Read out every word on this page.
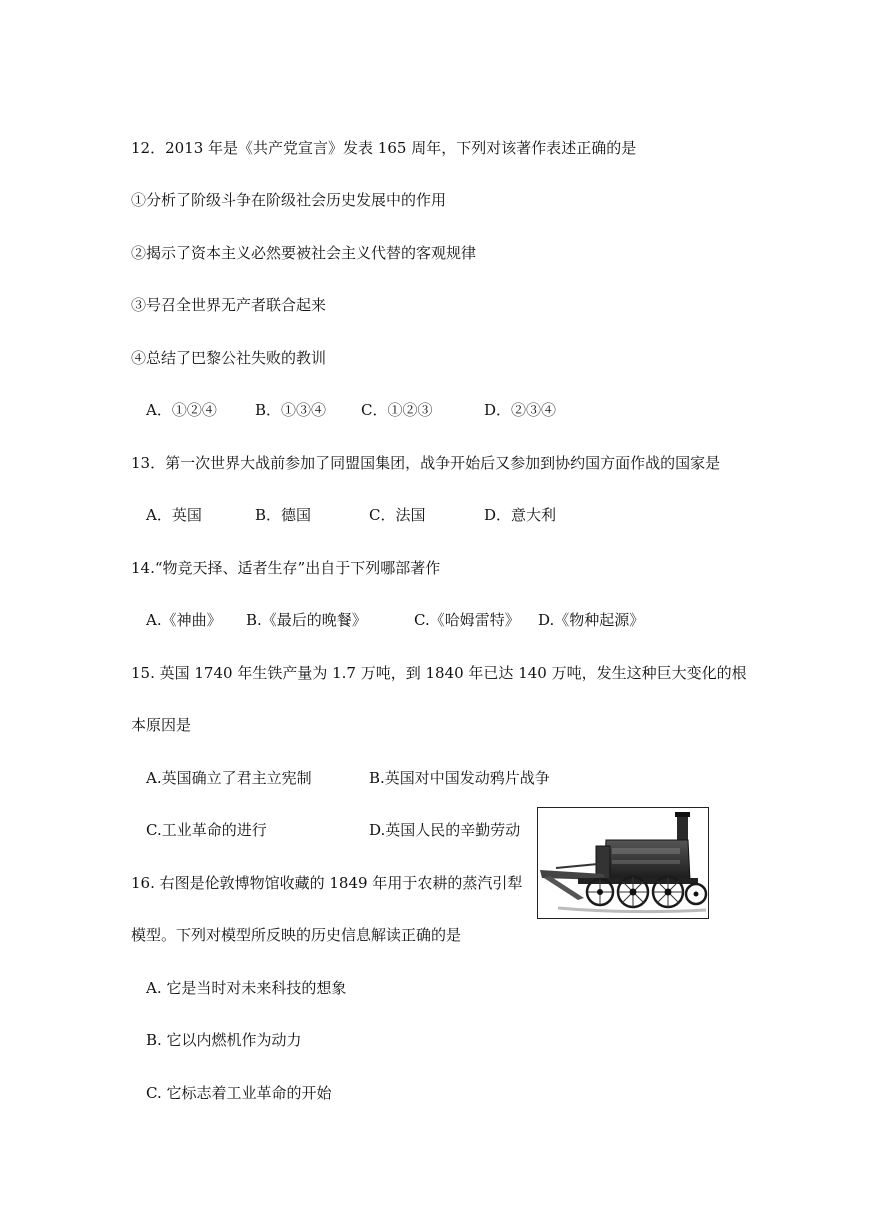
12．2013 年是《共产党宣言》发表 165 周年，下列对该著作表述正确的是
①分析了阶级斗争在阶级社会历史发展中的作用
②揭示了资本主义必然要被社会主义代替的客观规律
③号召全世界无产者联合起来
④总结了巴黎公社失败的教训
A．①②④	B．①③④ C．①②③	D．②③④
13．第一次世界大战前参加了同盟国集团，战争开始后又参加到协约国方面作战的国家是
A．英国	B．德国	C．法国	D．意大利
14.“物竞天择、适者生存”出自于下列哪部著作
A.《神曲》 B.《最后的晚餐》	C.《哈姆雷特》 D.《物种起源》
15. 英国 1740 年生铁产量为 1.7 万吨，到 1840 年已达 140 万吨，发生这种巨大变化的根
本原因是
A.英国确立了君主立宪制	B.英国对中国发动鸦片战争
C.工业革命的进行	D.英国人民的辛勤劳动
16. 右图是伦敦博物馆收藏的 1849 年用于农耕的蒸汽引犁
模型。下列对模型所反映的历史信息解读正确的是
A. 它是当时对未来科技的想象
B. 它以内燃机作为动力
C. 它标志着工业革命的开始
